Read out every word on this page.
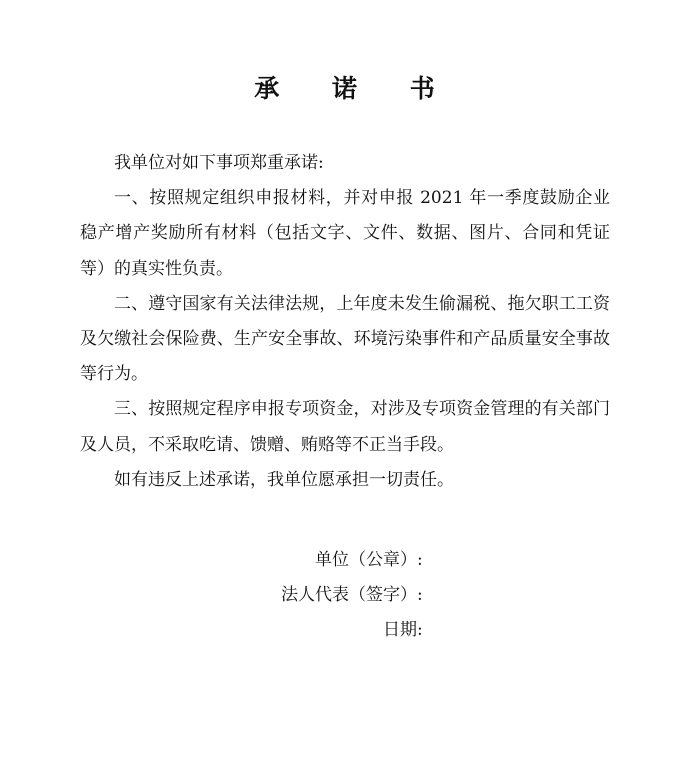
承 诺 书

我单位对如下事项郑重承诺:

一、按照规定组织申报材料，并对申报 2021 年一季度鼓励企业稳产增产奖励所有材料（包括文字、文件、数据、图片、合同和凭证等）的真实性负责。

二、遵守国家有关法律法规，上年度未发生偷漏税、拖欠职工工资及欠缴社会保险费、生产安全事故、环境污染事件和产品质量安全事故等行为。

三、按照规定程序申报专项资金，对涉及专项资金管理的有关部门及人员，不采取吃请、馈赠、贿赂等不正当手段。

如有违反上述承诺，我单位愿承担一切责任。

单位（公章）:
法人代表（签字）:
日期:
